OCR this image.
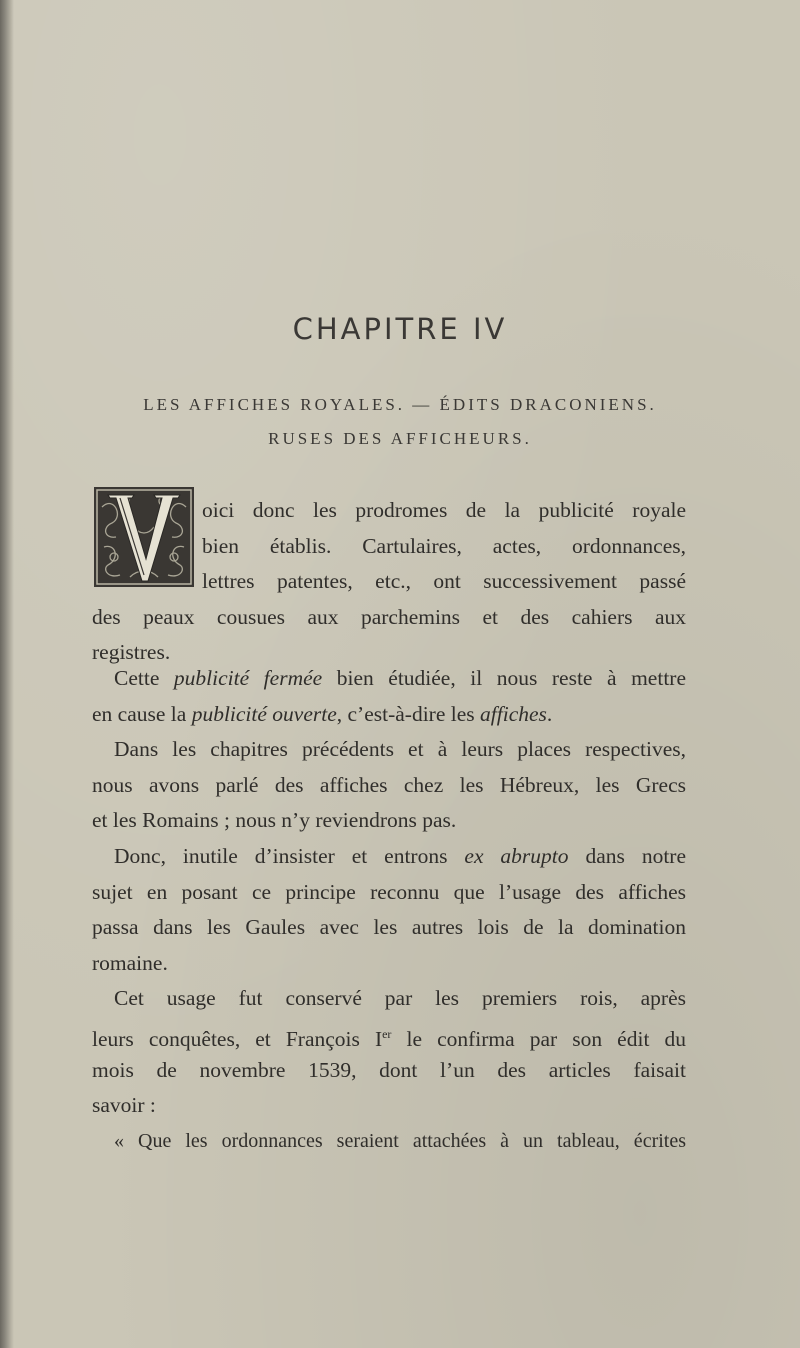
CHAPITRE IV
LES AFFICHES ROYALES. — ÉDITS DRACONIENS.
RUSES DES AFFICHEURS.
oici donc les prodromes de la publicité royale
bien établis. Cartulaires, actes, ordonnances,
lettres patentes, etc., ont successivement passé
des peaux cousues aux parchemins et des cahiers aux
registres.
Cette publicité fermée bien étudiée, il nous reste à mettre
en cause la publicité ouverte, c’est-à-dire les affiches.
Dans les chapitres précédents et à leurs places respectives,
nous avons parlé des affiches chez les Hébreux, les Grecs
et les Romains ; nous n’y reviendrons pas.
Donc, inutile d’insister et entrons ex abrupto dans notre
sujet en posant ce principe reconnu que l’usage des affiches
passa dans les Gaules avec les autres lois de la domination
romaine.
Cet usage fut conservé par les premiers rois, après
leurs conquêtes, et François Ier le confirma par son édit du
mois de novembre 1539, dont l’un des articles faisait
savoir :
« Que les ordonnances seraient attachées à un tableau, écrites
